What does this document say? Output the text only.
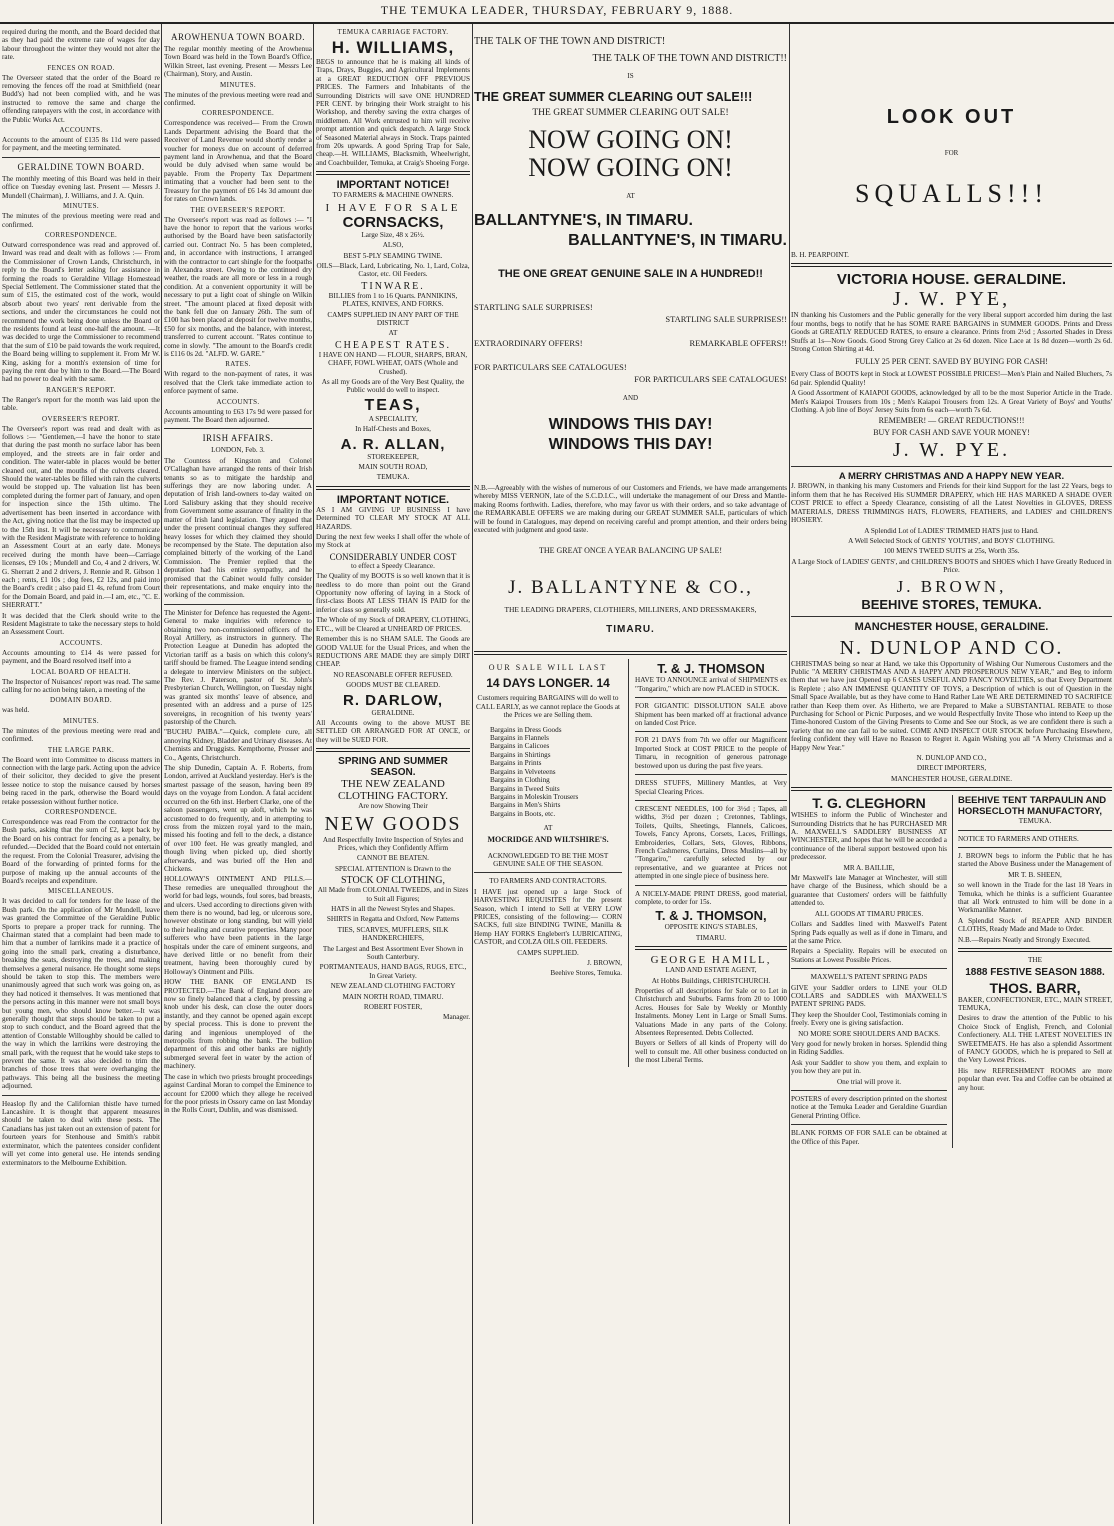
THE TEMUKA LEADER, THURSDAY, FEBRUARY 9, 1888.

required during the month, and the Board decided that as they had paid the extreme rate of wages for day labour throughout the winter they would not alter the rate.

FENCES ON ROAD.

The Overseer stated that the order of the Board re removing the fences off the road at Smithfield (near Budd's) had not been complied with, and he was instructed to remove the same and charge the offending ratepayers with the cost, in accordance with the Public Works Act.

ACCOUNTS.

Accounts to the amount of £135 8s 11d were passed for payment, and the meeting terminated.

GERALDINE TOWN BOARD.

The monthly meeting of this Board was held in their office on Tuesday evening last. Present — Messrs J. Mundell (Chairman), J. Williams, and J. A. Quin.

MINUTES.

The minutes of the previous meeting were read and confirmed.

CORRESPONDENCE.

Outward correspondence was read and approved of. Inward was read and dealt with as follows :— From the Commissioner of Crown Lands, Christchurch, in reply to the Board's letter asking for assistance in forming the roads to Geraldine Village Homestead Special Settlement. The Commissioner stated that the sum of £15, the estimated cost of the work, would absorb about two years' rent derivable from the sections, and under the circumstances he could not recommend the work being done unless the Board or the residents found at least one-half the amount. —It was decided to urge the Commissioner to recommend that the sum of £10 be paid towards the work required, the Board being willing to supplement it. From Mr W. King, asking for a month's extension of time for paying the rent due by him to the Board.—The Board had no power to deal with the same.

RANGER'S REPORT.

The Ranger's report for the month was laid upon the table.

OVERSEER'S REPORT.

The Overseer's report was read and dealt with as follows :— "Gentlemen,—I have the honor to state that during the past month no surface labor has been employed, and the streets are in fair order and condition. The water-table in places would be better cleaned out, and the mouths of the culverts cleared. Should the water-tables be filled with rain the culverts would be stopped up. The valuation list has been completed during the former part of January, and open for inspection since the 15th ultimo. The advertisement has been inserted in accordance with the Act, giving notice that the list may be inspected up to the 15th inst. It will be necessary to communicate with the Resident Magistrate with reference to holding an Assessment Court at an early date. Moneys received during the month have been—Carriage licenses, £9 10s ; Mundell and Co, 4 and 2 drivers, W. G. Sherratt 2 and 2 drivers, J. Rennie and R. Gibson 1 each ; rents, £1 10s ; dog fees, £2 12s, and paid into the Board's credit ; also paid £1 4s, refund from Court for the Domain Board, and paid in.—I am, etc., "C. E. SHERRATT."

It was decided that the Clerk should write to the Resident Magistrate to take the necessary steps to hold an Assessment Court.

ACCOUNTS.

Accounts amounting to £14 4s were passed for payment, and the Board resolved itself into a

LOCAL BOARD OF HEALTH.

The Inspector of Nuisances' report was read. The same calling for no action being taken, a meeting of the

DOMAIN BOARD.

was held.

MINUTES.

The minutes of the previous meeting were read and confirmed.

THE LARGE PARK.

The Board went into Committee to discuss matters in connection with the large park. Acting upon the advice of their solicitor, they decided to give the present lessee notice to stop the nuisance caused by horses being raced in the park, otherwise the Board would retake possession without further notice.

CORRESPONDENCE.

Correspondence was read From the contractor for the Bush parks, asking that the sum of £2, kept back by the Board on his contract for fencing as a penalty, be refunded.—Decided that the Board could not entertain the request. From the Colonial Treasurer, advising the Board of the forwarding of printed forms for the purpose of making up the annual accounts of the Board's receipts and expenditure.

MISCELLANEOUS.

It was decided to call for tenders for the lease of the Bush park. On the application of Mr Mundell, leave was granted the Committee of the Geraldine Public Sports to prepare a proper track for running. The Chairman stated that a complaint had been made to him that a number of larrikins made it a practice of going into the small park, creating a disturbance, breaking the seats, destroying the trees, and making themselves a general nuisance. He thought some steps should be taken to stop this. The members were unanimously agreed that such work was going on, as they had noticed it themselves. It was mentioned that the persons acting in this manner were not small boys but young men, who should know better.—It was generally thought that steps should be taken to put a stop to such conduct, and the Board agreed that the attention of Constable Willoughby should be called to the way in which the larrikins were destroying the small park, with the request that he would take steps to prevent the same. It was also decided to trim the branches of those trees that were overhanging the pathways. This being all the business the meeting adjourned.

Heaslop fly and the Californian thistle have turned Lancashire. It is thought that apparent measures should be taken to deal with these pests. The Canadians has just taken out an extension of patent for fourteen years for Stenhouse and Smith's rabbit exterminator, which the patentees consider confident will yet come into general use. He intends sending exterminators to the Melbourne Exhibition.

AROWHENUA TOWN BOARD.

The regular monthly meeting of the Arowhenua Town Board was held in the Town Board's Office, Wilkin Street, last evening. Present — Messrs Lee (Chairman), Story, and Austin.

MINUTES.

The minutes of the previous meeting were read and confirmed.

CORRESPONDENCE.

Correspondence was received— From the Crown Lands Department advising the Board that the Receiver of Land Revenue would shortly render a voucher for moneys due on account of deferred payment land in Arowhenua, and that the Board would be duly advised when same would be payable. From the Property Tax Department intimating that a voucher had been sent to the Treasury for the payment of £6 14s 3d amount due for rates on Crown lands.

THE OVERSEER'S REPORT.

The Overseer's report was read as follows :— "I have the honor to report that the various works authorised by the Board have been satisfactorily carried out. Contract No. 5 has been completed, and, in accordance with instructions, I arranged with the contractor to cart shingle for the footpaths in Alexandra street. Owing to the continued dry weather, the roads are all more or less in a rough condition. At a convenient opportunity it will be necessary to put a light coat of shingle on Wilkin street. "The amount placed at fixed deposit with the bank fell due on January 26th. The sum of £100 has been placed at deposit for twelve months, £50 for six months, and the balance, with interest, transferred to current account. "Rates continue to come in slowly. "The amount to the Board's credit is £116 0s 2d. "ALFD. W. GARE."

RATES.

With regard to the non-payment of rates, it was resolved that the Clerk take immediate action to enforce payment of same.

ACCOUNTS.

Accounts amounting to £63 17s 9d were passed for payment. The Board then adjourned.

IRISH AFFAIRS.

LONDON, Feb. 3.

The Countess of Kingston and Colonel O'Callaghan have arranged the rents of their Irish tenants so as to mitigate the hardship and sufferings they are now laboring under. A deputation of Irish land-owners to-day waited on Lord Salisbury asking that they should receive from Government some assurance of finality in the matter of Irish land legislation. They argued that under the present continual changes they suffered heavy losses for which they claimed they should be recompensed by the State. The deputation also complained bitterly of the working of the Land Commission. The Premier replied that the deputation had his entire sympathy, and he promised that the Cabinet would fully consider their representations, and make enquiry into the working of the commission.

The Minister for Defence has requested the Agent-General to make inquiries with reference to obtaining two non-commissioned officers of the Royal Artillery, as instructors in gunnery. The Protection League at Dunedin has adopted the Victorian tariff as a basis on which this colony's tariff should be framed. The League intend sending a delegate to interview Ministers on the subject. The Rev. J. Paterson, pastor of St. John's Presbyterian Church, Wellington, on Tuesday night was granted six months' leave of absence, and presented with an address and a purse of 125 sovereigns, in recognition of his twenty years' pastorship of the Church.

"BUCHU PAIBA."—Quick, complete cure, all annoying Kidney, Bladder and Urinary diseases. At Chemists and Druggists. Kempthorne, Prosser and Co., Agents, Christchurch.

The ship Dunedin, Captain A. F. Roberts, from London, arrived at Auckland yesterday. Her's is the smartest passage of the season, having been 89 days on the voyage from London. A fatal accident occurred on the 6th inst. Herbert Clarke, one of the saloon passengers, went up aloft, which he was accustomed to do frequently, and in attempting to cross from the mizzen royal yard to the main, missed his footing and fell to the deck, a distance of over 100 feet. He was greatly mangled, and though living when picked up, died shortly afterwards, and was buried off the Hen and Chickens.

HOLLOWAY'S OINTMENT AND PILLS.—These remedies are unequalled throughout the world for bad legs, wounds, foul sores, bad breasts, and ulcers. Used according to directions given with them there is no wound, bad leg, or ulcerous sore, however obstinate or long standing, but will yield to their healing and curative properties. Many poor sufferers who have been patients in the large hospitals under the care of eminent surgeons, and have derived little or no benefit from their treatment, having been thoroughly cured by Holloway's Ointment and Pills.

HOW THE BANK OF ENGLAND IS PROTECTED.—The Bank of England doors are now so finely balanced that a clerk, by pressing a knob under his desk, can close the outer doors instantly, and they cannot be opened again except by special process. This is done to prevent the daring and ingenious unemployed of the metropolis from robbing the bank. The bullion department of this and other banks are nightly submerged several feet in water by the action of machinery.

The case in which two priests brought proceedings against Cardinal Moran to compel the Eminence to account for £2000 which they allege he received for the poor priests in Ossory came on last Monday in the Rolls Court, Dublin, and was dismissed.

TEMUKA CARRIAGE FACTORY.
H. WILLIAMS,

BEGS to announce that he is making all kinds of Traps, Drays, Buggies, and Agricultural Implements at a GREAT REDUCTION OFF PREVIOUS PRICES. The Farmers and Inhabitants of the Surrounding Districts will save ONE HUNDRED PER CENT. by bringing their Work straight to his Workshop, and thereby saving the extra charges of middlemen. All Work entrusted to him will receive prompt attention and quick despatch. A large Stock of Seasoned Material always in Stock. Traps painted from 20s upwards. A good Spring Trap for Sale, cheap.—H. WILLIAMS, Blacksmith, Wheelwright, and Coachbuilder, Temuka, at Craig's Shoeing Forge.

IMPORTANT NOTICE!

TO FARMERS & MACHINE OWNERS.

I HAVE FOR SALE
CORNSACKS,

Large Size, 48 x 26½.

ALSO,

BEST 5-PLY SEAMING TWINE.

OILS—Black, Lard, Lubricating, No. 1, Lard, Colza, Castor, etc. Oil Feeders.

TINWARE.

BILLIES from 1 to 16 Quarts. PANNIKINS, PLATES, KNIVES, AND FORKS.

CAMPS SUPPLIED IN ANY PART OF THE DISTRICT

AT

CHEAPEST RATES.

I HAVE ON HAND — FLOUR, SHARPS, BRAN, CHAFF, FOWL WHEAT, OATS (Whole and Crushed).

As all my Goods are of the Very Best Quality, the Public would do well to inspect.

TEAS,

A SPECIALITY,

In Half-Chests and Boxes,

A. R. ALLAN,

STOREKEEPER,

MAIN SOUTH ROAD,

TEMUKA.

IMPORTANT NOTICE.

AS I AM GIVING UP BUSINESS I have Determined TO CLEAR MY STOCK AT ALL HAZARDS.

During the next few weeks I shall offer the whole of my Stock at

CONSIDERABLY UNDER COST

to effect a Speedy Clearance.

The Quality of my BOOTS is so well known that it is needless to do more than point out the Grand Opportunity now offering of laying in a Stock of first-class Boots AT LESS THAN IS PAID for the inferior class so generally sold.

The Whole of my Stock of DRAPERY, CLOTHING, ETC., will be Cleared at UNHEARD OF PRICES.

Remember this is no SHAM SALE. The Goods are GOOD VALUE for the Usual Prices, and when the REDUCTIONS ARE MADE they are simply DIRT CHEAP.

NO REASONABLE OFFER REFUSED.

GOODS MUST BE CLEARED.

R. DARLOW,

GERALDINE.

All Accounts owing to the above MUST BE SETTLED OR ARRANGED FOR AT ONCE, or they will be SUED FOR.

SPRING AND SUMMER SEASON.
THE NEW ZEALAND CLOTHING FACTORY.

Are now Showing Their

NEW GOODS

And Respectfully Invite Inspection of Styles and Prices, which they Confidently Affirm

CANNOT BE BEATEN.

SPECIAL ATTENTION is Drawn to the

STOCK OF CLOTHING,

All Made from COLONIAL TWEEDS, and in Sizes to Suit all Figures;

HATS in all the Newest Styles and Shapes.

SHIRTS in Regatta and Oxford, New Patterns

TIES, SCARVES, MUFFLERS, SILK HANDKERCHIEFS,

The Largest and Best Assortment Ever Shown in South Canterbury.

PORTMANTEAUS, HAND BAGS, RUGS, ETC., In Great Variety.

NEW ZEALAND CLOTHING FACTORY

MAIN NORTH ROAD, TIMARU.

ROBERT FOSTER,

Manager.

THE TALK OF THE TOWN AND DISTRICT!
THE TALK OF THE TOWN AND DISTRICT!!
IS
THE GREAT SUMMER CLEARING OUT SALE!!!
THE GREAT SUMMER CLEARING OUT SALE!
NOW GOING ON!
NOW GOING ON!
AT
BALLANTYNE'S, IN TIMARU.
BALLANTYNE'S, IN TIMARU.
THE ONE GREAT GENUINE SALE IN A HUNDRED!!
STARTLING SALE SURPRISES!
STARTLING SALE SURPRISES!!
EXTRAORDINARY OFFERS!	REMARKABLE OFFERS!!
FOR PARTICULARS SEE CATALOGUES!
FOR PARTICULARS SEE CATALOGUES!
AND
WINDOWS THIS DAY!
WINDOWS THIS DAY!

N.B.—Agreeably with the wishes of numerous of our Customers and Friends, we have made arrangements whereby MISS VERNON, late of the S.C.D.I.C., will undertake the management of our Dress and Mantle-making Rooms forthwith. Ladies, therefore, who may favor us with their orders, and so take advantage of the REMARKABLE OFFERS we are making during our GREAT SUMMER SALE, particulars of which will be found in Catalogues, may depend on receiving careful and prompt attention, and their orders being executed with judgment and good taste.

THE GREAT ONCE A YEAR BALANCING UP SALE!
J. BALLANTYNE & CO.,
THE LEADING DRAPERS, CLOTHIERS, MILLINERS, AND DRESSMAKERS,
TIMARU.
OUR SALE WILL LAST
14 DAYS LONGER. 14

Customers requiring BARGAINS will do well to CALL EARLY, as we cannot replace the Goods at the Prices we are Selling them.

Bargains in Dress Goods
Bargains in Flannels
Bargains in Calicoes
Bargains in Shirtings
Bargains in Prints
Bargains in Velveteens
Bargains in Clothing
Bargains in Tweed Suits
Bargains in Moleskin Trousers
Bargains in Men's Shirts
Bargains in Boots, etc.

AT

MOCRIDGE AND WILTSHIRE'S.

ACKNOWLEDGED TO BE THE MOST GENUINE SALE OF THE SEASON.

TO FARMERS AND CONTRACTORS.

I HAVE just opened up a large Stock of HARVESTING REQUISITES for the present Season, which I intend to Sell at VERY LOW PRICES, consisting of the following:— CORN SACKS, full size BINDING TWINE, Manilla & Hemp HAY FORKS Englebert's LUBRICATING, CASTOR, and COLZA OILS OIL FEEDERS.

CAMPS SUPPLIED.

J. BROWN,

Beehive Stores, Temuka.

T. & J. THOMSON

HAVE TO ANNOUNCE arrival of SHIPMENTS ex "Tongariro," which are now PLACED in STOCK.

FOR GIGANTIC DISSOLUTION SALE above Shipment has been marked off at fractional advance on landed Cost Price.

FOR 21 DAYS from 7th we offer our Magnificent Imported Stock at COST PRICE to the people of Timaru, in recognition of generous patronage bestowed upon us during the past five years.

DRESS STUFFS, Millinery Mantles, at Very Special Clearing Prices.

CRESCENT NEEDLES, 100 for 3½d ; Tapes, all widths, 3½d per dozen ; Cretonnes, Tablings, Toilets, Quilts, Sheetings, Flannels, Calicoes, Towels, Fancy Aprons, Corsets, Laces, Frillings, Embroideries, Collars, Sets, Gloves, Ribbons, French Cashmeres, Curtains, Dress Muslins—all by "Tongariro," carefully selected by our representative, and we guarantee at Prices not attempted in one single piece of business here.

A NICELY-MADE PRINT DRESS, good material, complete, to order for 15s.

T. & J. THOMSON,

OPPOSITE KING'S STABLES,

TIMARU.

GEORGE HAMILL,

LAND AND ESTATE AGENT,

At Hobbs Buildings, CHRISTCHURCH.

Properties of all descriptions for Sale or to Let in Christchurch and Suburbs. Farms from 20 to 1000 Acres. Houses for Sale by Weekly or Monthly Instalments. Money Lent in Large or Small Sums. Valuations Made in any parts of the Colony. Absentees Represented. Debts Collected.

Buyers or Sellers of all kinds of Property will do well to consult me. All other business conducted on the most Liberal Terms.

LOOK OUT
FOR
SQUALLS!!!

B. H. PEARPOINT.

VICTORIA HOUSE. GERALDINE.
J. W. PYE,

IN thanking his Customers and the Public generally for the very liberal support accorded him during the last four months, begs to notify that he has SOME RARE BARGAINS in SUMMER GOODS. Prints and Dress Goods at GREATLY REDUCED RATES, to ensure a clearance. Prints from 2½d ; Assorted Shades in Dress Stuffs at 1s—Now Goods. Good Strong Grey Calico at 2s 6d dozen. Nice Lace at 1s 8d dozen—worth 2s 6d. Strong Cotton Shirting at 4d.

FULLY 25 PER CENT. SAVED BY BUYING FOR CASH!

Every Class of BOOTS kept in Stock at LOWEST POSSIBLE PRICES!—Men's Plain and Nailed Bluchers, 7s 6d pair. Splendid Quality!

A Good Assortment of KAIAPOI GOODS, acknowledged by all to be the most Superior Article in the Trade. Men's Kaiapoi Trousers from 10s ; Men's Kaiapoi Trousers from 12s. A Great Variety of Boys' and Youths' Clothing. A job line of Boys' Jersey Suits from 6s each—worth 7s 6d.

REMEMBER! — GREAT REDUCTIONS!!!
BUY FOR CASH AND SAVE YOUR MONEY!
J. W. PYE.
A MERRY CHRISTMAS AND A HAPPY NEW YEAR.

J. BROWN, in thanking his many Customers and Friends for their kind Support for the last 22 Years, begs to inform them that he has Received His SUMMER DRAPERY, which HE HAS MARKED A SHADE OVER COST PRICE to effect a Speedy Clearance, consisting of all the Latest Novelties in GLOVES, DRESS MATERIALS, DRESS TRIMMINGS HATS, FLOWERS, FEATHERS, and LADIES' and CHILDREN'S HOSIERY.

A Splendid Lot of LADIES' TRIMMED HATS just to Hand.

A Well Selected Stock of GENTS' YOUTHS', and BOYS' CLOTHING.

100 MEN'S TWEED SUITS at 25s, Worth 35s.

A Large Stock of LADIES' GENTS', and CHILDREN'S BOOTS and SHOES which I have Greatly Reduced in Price.

J. BROWN,
BEEHIVE STORES, TEMUKA.
MANCHESTER HOUSE, GERALDINE.
N. DUNLOP AND CO.

CHRISTMAS being so near at Hand, we take this Opportunity of Wishing Our Numerous Customers and the Public "A MERRY CHRISTMAS AND A HAPPY AND PROSPEROUS NEW YEAR," and Beg to inform them that we have just Opened up 6 CASES USEFUL AND FANCY NOVELTIES, so that Every Department is Replete ; also AN IMMENSE QUANTITY OF TOYS, a Description of which is out of Question in the Small Space Available, but as they have come to Hand Rather Late WE ARE DETERMINED TO SACRIFICE rather than Keep them over. As Hitherto, we are Prepared to Make a SUBSTANTIAL REBATE to those Purchasing for School or Picnic Purposes, and we would Respectfully Invite Those who intend to Keep up the Time-honored Custom of the Giving Presents to Come and See our Stock, as we are confident there is such a variety that no one can fail to be suited. COME AND INSPECT OUR STOCK before Purchasing Elsewhere, feeling confident they will Have no Reason to Regret it. Again Wishing you all "A Merry Christmas and a Happy New Year."

N. DUNLOP AND CO.,

DIRECT IMPORTERS,

MANCHESTER HOUSE, GERALDINE.

T. G. CLEGHORN

WISHES to inform the Public of Winchester and Surrounding Districts that he has PURCHASED MR A. MAXWELL'S SADDLERY BUSINESS AT WINCHESTER, and hopes that he will be accorded a continuance of the liberal support bestowed upon his predecessor.

MR A. BAILLIE,

Mr Maxwell's late Manager at Winchester, will still have charge of the Business, which should be a guarantee that Customers' orders will be faithfully attended to.

ALL GOODS AT TIMARU PRICES.

Collars and Saddles lined with Maxwell's Patent Spring Pads equally as well as if done in Timaru, and at the same Price.

Repairs a Speciality. Repairs will be executed on Stations at Lowest Possible Prices.

MAXWELL'S PATENT SPRING PADS

GIVE your Saddler orders to LINE your OLD COLLARS and SADDLES with MAXWELL'S PATENT SPRING PADS.

They keep the Shoulder Cool, Testimonials coming in freely. Every one is giving satisfaction.

NO MORE SORE SHOULDERS AND BACKS.

Very good for newly broken in horses. Splendid thing in Riding Saddles.

Ask your Saddler to show you them, and explain to you how they are put in.

One trial will prove it.

POSTERS of every description printed on the shortest notice at the Temuka Leader and Geraldine Guardian General Printing Office.

BLANK FORMS OF FOR SALE can be obtained at the Office of this Paper.

BEEHIVE TENT TARPAULIN AND HORSECLOTH MANUFACTORY,

TEMUKA.

NOTICE TO FARMERS AND OTHERS.

J. BROWN begs to inform the Public that he has started the Above Business under the Management of

MR T. B. SHEEN,

so well known in the Trade for the last 18 Years in Temuka, which he thinks is a sufficient Guarantee that all Work entrusted to him will be done in a Workmanlike Manner.

A Splendid Stock of REAPER AND BINDER CLOTHS, Ready Made and Made to Order.

N.B.—Repairs Neatly and Strongly Executed.

THE

1888 FESTIVE SEASON 1888.
THOS. BARR,

BAKER, CONFECTIONER, ETC., MAIN STREET, TEMUKA,

Desires to draw the attention of the Public to his Choice Stock of English, French, and Colonial Confectionery. ALL THE LATEST NOVELTIES IN SWEETMEATS. He has also a splendid Assortment of FANCY GOODS, which he is prepared to Sell at the Very Lowest Prices.

His new REFRESHMENT ROOMS are more popular than ever. Tea and Coffee can be obtained at any hour.
